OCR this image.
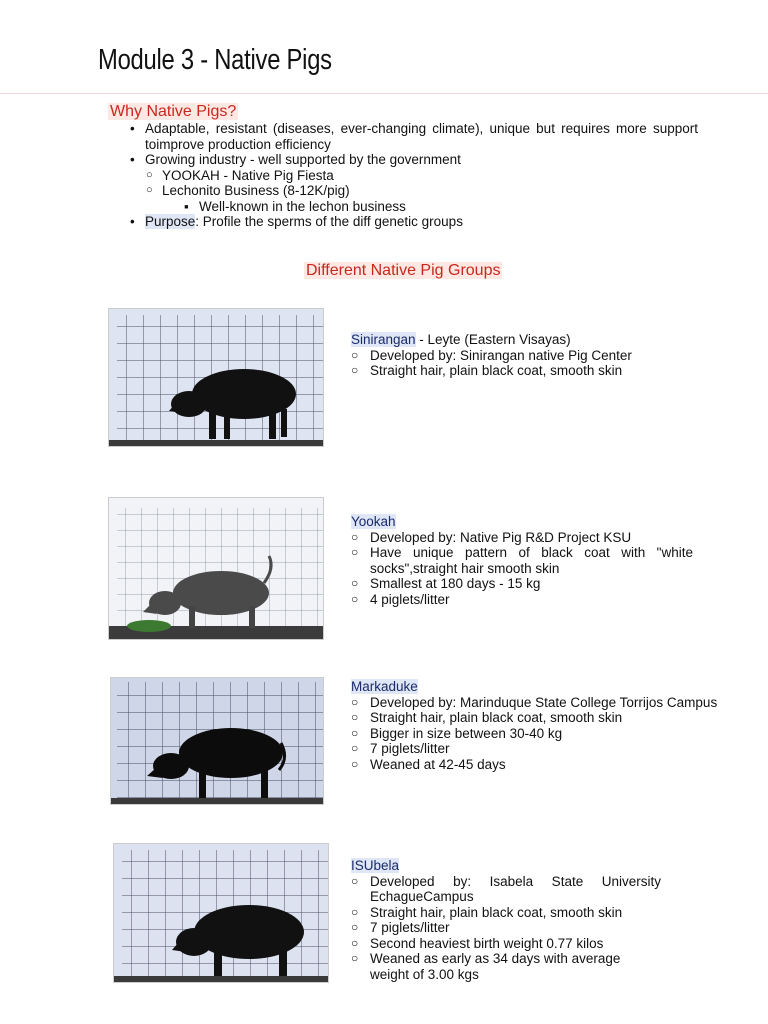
Module 3 - Native Pigs
Why Native Pigs?
• Adaptable, resistant (diseases, ever-changing climate), unique but requires more support toimprove production efficiency
• Growing industry - well supported by the government
○ YOOKAH - Native Pig Fiesta
○ Lechonito Business (8-12K/pig)
▪ Well-known in the lechon business
• Purpose: Profile the sperms of the diff genetic groups
Different Native Pig Groups
Sinirangan - Leyte (Eastern Visayas)
○ Developed by: Sinirangan native Pig Center
○ Straight hair, plain black coat, smooth skin
Yookah
○ Developed by: Native Pig R&D Project KSU
○ Have unique pattern of black coat with "white socks",straight hair smooth skin
○ Smallest at 180 days - 15 kg
○ 4 piglets/litter
Markaduke
○ Developed by: Marinduque State College Torrijos Campus
○ Straight hair, plain black coat, smooth skin
○ Bigger in size between 30-40 kg
○ 7 piglets/litter
○ Weaned at 42-45 days
ISUbela
○ Developed by: Isabela State University EchagueCampus
○ Straight hair, plain black coat, smooth skin
○ 7 piglets/litter
○ Second heaviest birth weight 0.77 kilos
○ Weaned as early as 34 days with average weight of 3.00 kgs
